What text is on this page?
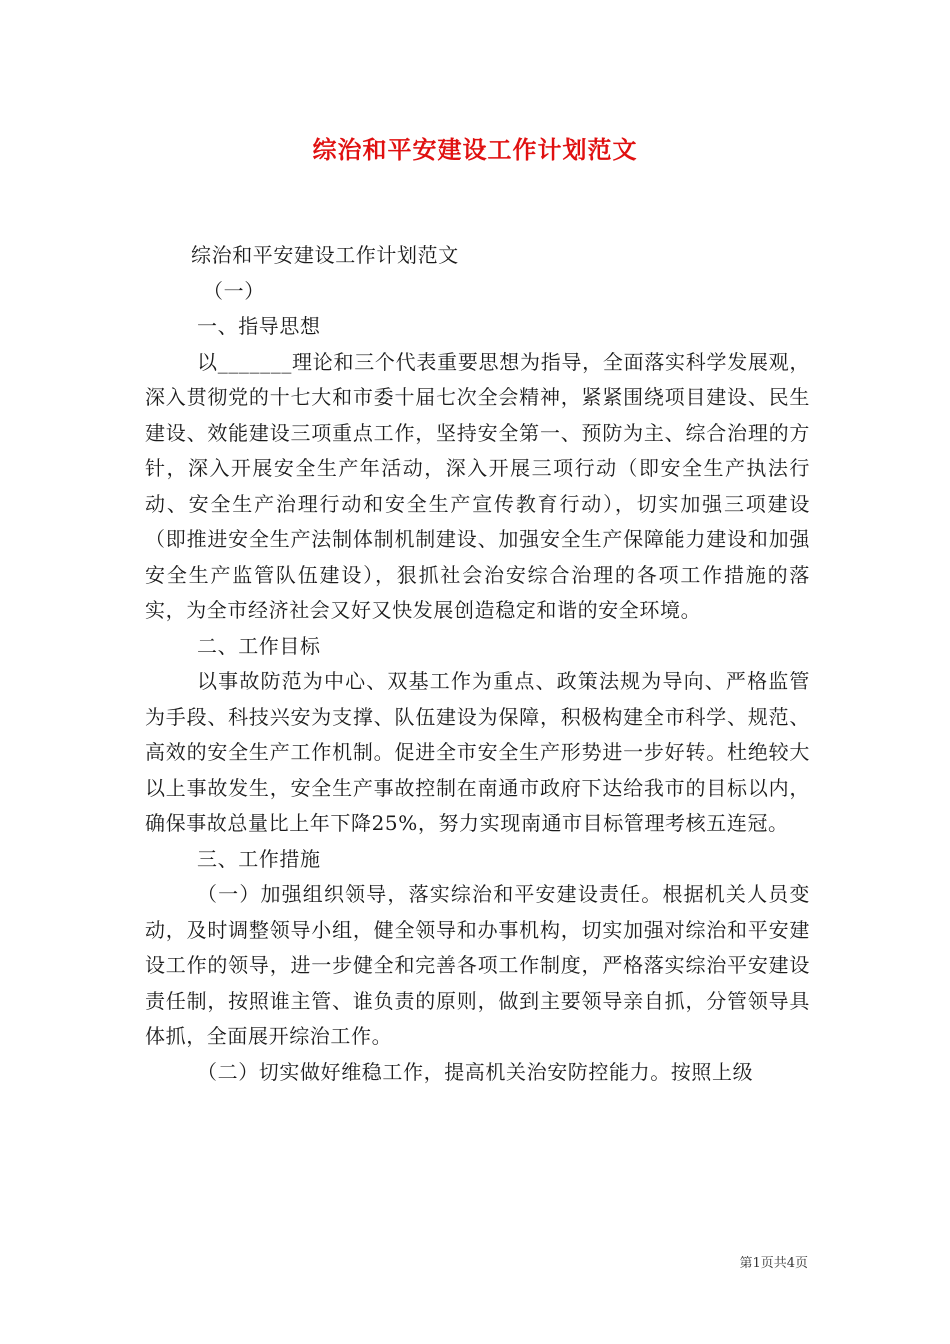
综治和平安建设工作计划范文

综治和平安建设工作计划范文

（一）

一、指导思想

以_______理论和三个代表重要思想为指导，全面落实科学发展观，深入贯彻党的十七大和市委十届七次全会精神，紧紧围绕项目建设、民生建设、效能建设三项重点工作，坚持安全第一、预防为主、综合治理的方针，深入开展安全生产年活动，深入开展三项行动（即安全生产执法行动、安全生产治理行动和安全生产宣传教育行动），切实加强三项建设（即推进安全生产法制体制机制建设、加强安全生产保障能力建设和加强安全生产监管队伍建设），狠抓社会治安综合治理的各项工作措施的落实，为全市经济社会又好又快发展创造稳定和谐的安全环境。

二、工作目标

以事故防范为中心、双基工作为重点、政策法规为导向、严格监管为手段、科技兴安为支撑、队伍建设为保障，积极构建全市科学、规范、高效的安全生产工作机制。促进全市安全生产形势进一步好转。杜绝较大以上事故发生，安全生产事故控制在南通市政府下达给我市的目标以内，确保事故总量比上年下降25%，努力实现南通市目标管理考核五连冠。

三、工作措施

（一）加强组织领导，落实综治和平安建设责任。根据机关人员变动，及时调整领导小组，健全领导和办事机构，切实加强对综治和平安建设工作的领导，进一步健全和完善各项工作制度，严格落实综治平安建设责任制，按照谁主管、谁负责的原则，做到主要领导亲自抓，分管领导具体抓，全面展开综治工作。

（二）切实做好维稳工作，提高机关治安防控能力。按照上级

第1页共4页
